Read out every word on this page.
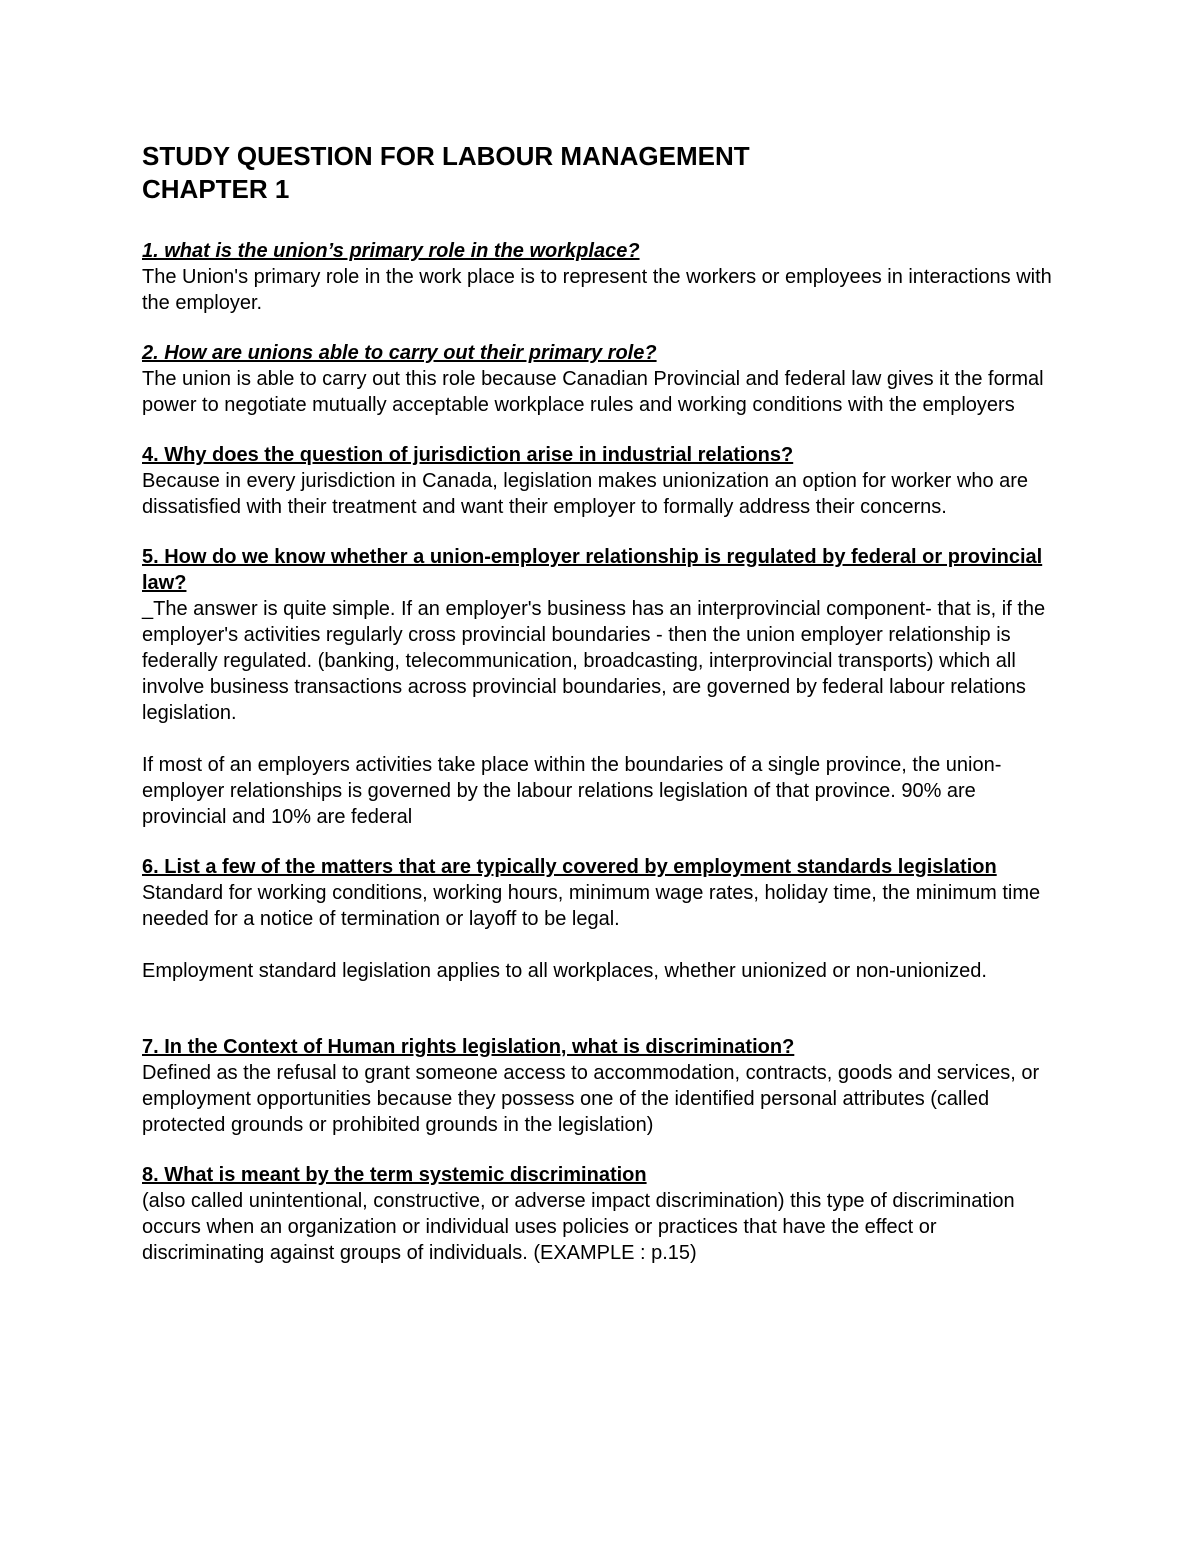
STUDY QUESTION FOR LABOUR MANAGEMENT

CHAPTER 1

1. what is the union’s primary role in the workplace?

The Union's primary role in the work place is to represent the workers or employees in interactions with the employer.

2. How are unions able to carry out their primary role?

The union is able to carry out this role because Canadian Provincial and federal law gives it the formal power to negotiate mutually acceptable workplace rules and working conditions with the employers

4. Why does the question of jurisdiction arise in industrial relations?

Because in every jurisdiction in Canada, legislation makes unionization an option for worker who are dissatisfied with their treatment and want their employer to formally address their concerns.

5. How do we know whether a union-employer relationship is regulated by federal or provincial law?

_The answer is quite simple. If an employer's business has an interprovincial component- that is, if the employer's activities regularly cross provincial boundaries - then the union employer relationship is federally regulated. (banking, telecommunication, broadcasting, interprovincial transports) which all involve business transactions across provincial boundaries, are governed by federal labour relations legislation.

If most of an employers activities take place within the boundaries of a single province, the union-employer relationships is governed by the labour relations legislation of that province. 90% are provincial and 10% are federal

6. List a few of the matters that are typically covered by employment standards legislation

Standard for working conditions, working hours, minimum wage rates, holiday time, the minimum time needed for a notice of termination or layoff to be legal.

Employment standard legislation applies to all workplaces, whether unionized or non-unionized.

7. In the Context of Human rights legislation, what is discrimination?

Defined as the refusal to grant someone access to accommodation, contracts, goods and services, or employment opportunities because they possess one of the identified personal attributes (called protected grounds or prohibited grounds in the legislation)

8. What is meant by the term systemic discrimination

(also called unintentional, constructive, or adverse impact discrimination) this type of discrimination occurs when an organization or individual uses policies or practices that have the effect or discriminating against groups of individuals. (EXAMPLE : p.15)
